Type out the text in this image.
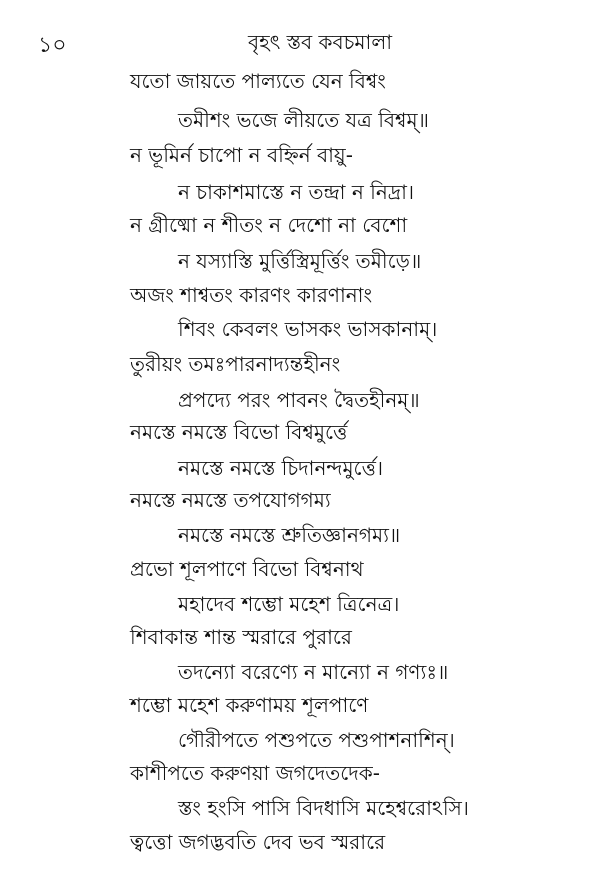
১০	বৃহৎ স্তব কবচমালা
যতো জায়তে পাল্যতে যেন বিশ্বং
তমীশং ভজে লীয়তে যত্র বিশ্বম্॥
ন ভূমির্ন চাপো ন বহ্নির্ন বায়ু-
ন চাকাশমাস্তে ন তন্দ্রা ন নিদ্রা।
ন গ্রীষ্মো ন শীতং ন দেশো না বেশো
ন যস্যাস্তি মুর্ত্তিস্ত্রিমূর্ত্তিং তমীড়ে॥
অজং শাশ্বতং কারণং কারণানাং
শিবং কেবলং ভাসকং ভাসকানাম্।
তুরীয়ং তমঃপারনাদ্যন্তহীনং
প্রপদ্যে পরং পাবনং দ্বৈতহীনম্॥
নমস্তে নমস্তে বিভো বিশ্বমুর্ত্তে
নমস্তে নমস্তে চিদানন্দমুর্ত্তে।
নমস্তে নমস্তে তপযোগগম্য
নমস্তে নমস্তে শ্রুতিজ্ঞানগম্য॥
প্রভো শূলপাণে বিভো বিশ্বনাথ
মহাদেব শম্ভো মহেশ ত্রিনেত্র।
শিবাকান্ত শান্ত স্মরারে পুরারে
তদন্যো বরেণ্যে ন মান্যো ন গণ্যঃ॥
শম্ভো মহেশ করুণাময় শূলপাণে
গৌরীপতে পশুপতে পশুপাশনাশিন্।
কাশীপতে করুণয়া জগদেতদেক-
স্তং হংসি পাসি বিদধাসি মহেশ্বরোঽসি।
ত্বত্তো জগদ্ভবতি দেব ভব স্মরারে
